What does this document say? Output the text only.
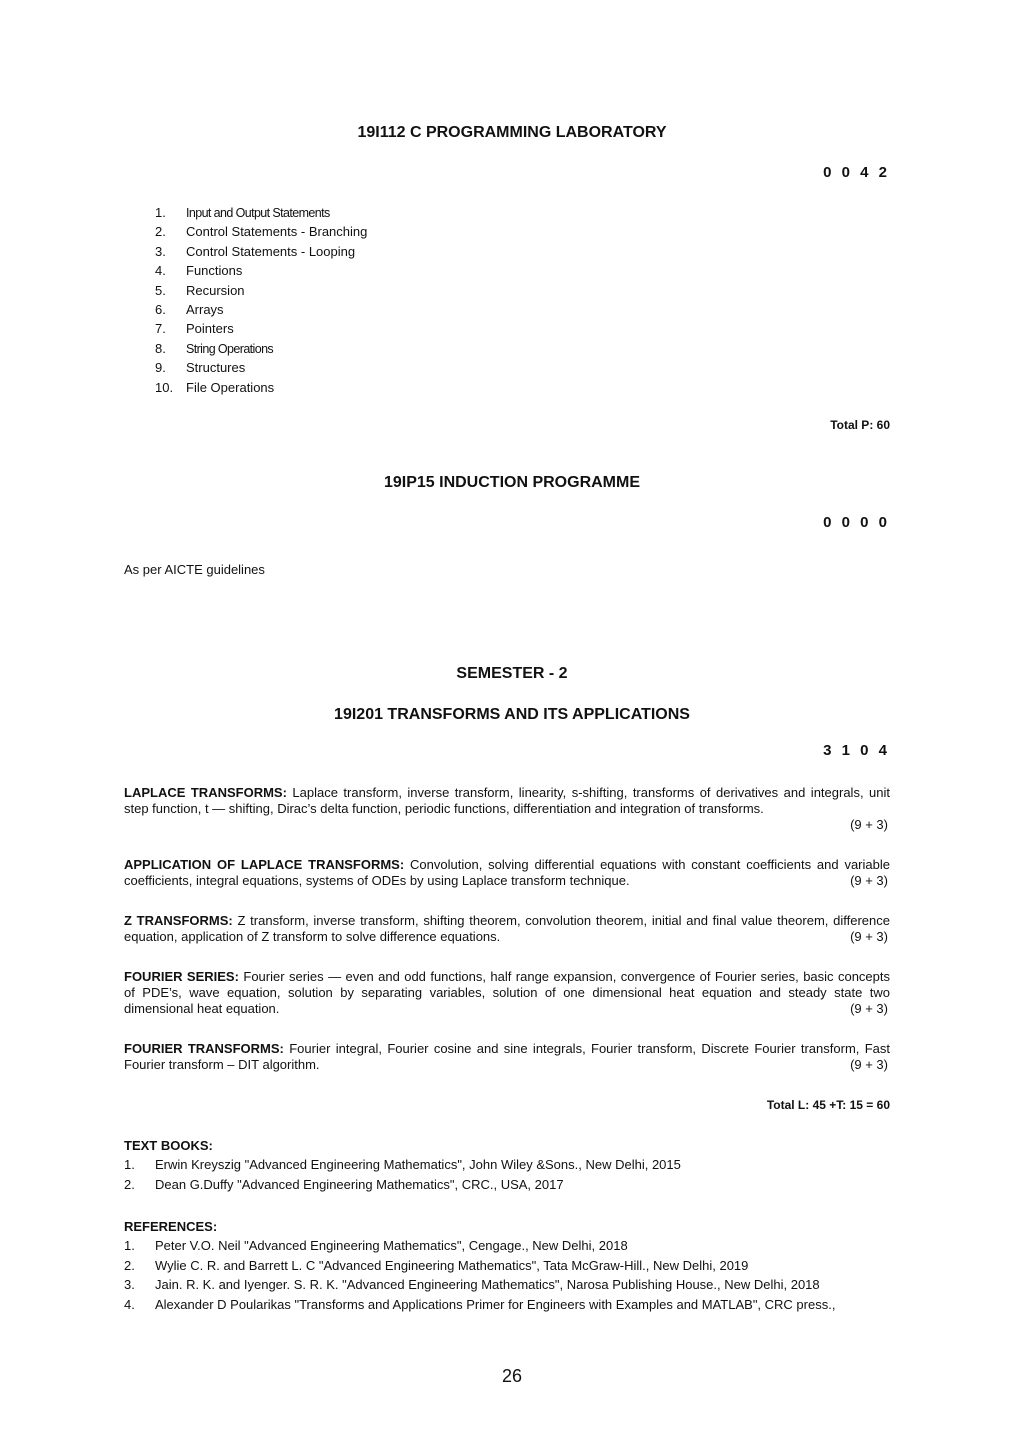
19I112 C PROGRAMMING LABORATORY
0 0 4 2
1. Input and Output Statements
2. Control Statements - Branching
3. Control Statements - Looping
4. Functions
5. Recursion
6. Arrays
7. Pointers
8. String Operations
9. Structures
10. File Operations
Total P: 60
19IP15 INDUCTION PROGRAMME
0 0 0 0
As per AICTE guidelines
SEMESTER - 2
19I201 TRANSFORMS AND ITS APPLICATIONS
3 1 0 4
LAPLACE TRANSFORMS: Laplace transform, inverse transform, linearity, s-shifting, transforms of derivatives and integrals, unit step function, t — shifting, Dirac’s delta function, periodic functions, differentiation and integration of transforms.
(9 + 3)
APPLICATION OF LAPLACE TRANSFORMS: Convolution, solving differential equations with constant coefficients and variable coefficients, integral equations, systems of ODEs by using Laplace transform technique.	(9 + 3)
Z TRANSFORMS: Z transform, inverse transform, shifting theorem, convolution theorem, initial and final value theorem, difference equation, application of Z transform to solve difference equations.	(9 + 3)
FOURIER SERIES: Fourier series — even and odd functions, half range expansion, convergence of Fourier series, basic concepts of PDE’s, wave equation, solution by separating variables, solution of one dimensional heat equation and steady state two dimensional heat equation.	(9 + 3)
FOURIER TRANSFORMS: Fourier integral, Fourier cosine and sine integrals, Fourier transform, Discrete Fourier transform, Fast Fourier transform – DIT algorithm.	(9 + 3)
Total L: 45 +T: 15 = 60
TEXT BOOKS:
1. Erwin Kreyszig "Advanced Engineering Mathematics", John Wiley &Sons., New Delhi, 2015
2. Dean G.Duffy "Advanced Engineering Mathematics", CRC., USA, 2017
REFERENCES:
1. Peter V.O. Neil "Advanced Engineering Mathematics", Cengage., New Delhi, 2018
2. Wylie C. R. and Barrett L. C "Advanced Engineering Mathematics", Tata McGraw-Hill., New Delhi, 2019
3. Jain. R. K. and Iyenger. S. R. K. "Advanced Engineering Mathematics", Narosa Publishing House., New Delhi, 2018
4. Alexander D Poularikas "Transforms and Applications Primer for Engineers with Examples and MATLAB", CRC press.,
26
